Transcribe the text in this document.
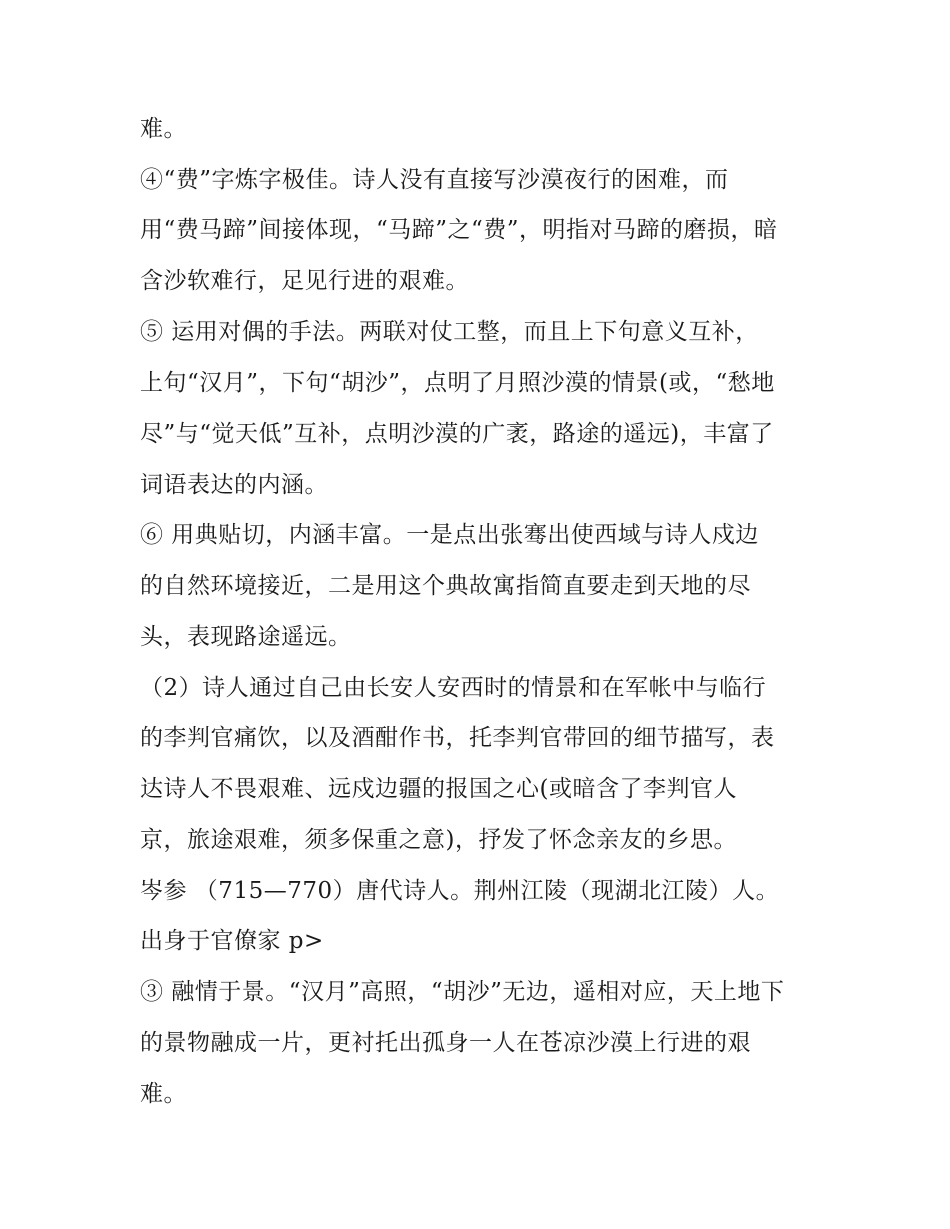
难。
④“费”字炼字极佳。诗人没有直接写沙漠夜行的困难，而
用“费马蹄”间接体现，“马蹄”之“费”，明指对马蹄的磨损，暗
含沙软难行，足见行进的艰难。
⑤ 运用对偶的手法。两联对仗工整，而且上下句意义互补，
上句“汉月”，下句“胡沙”，点明了月照沙漠的情景(或，“愁地
尽”与“觉天低”互补，点明沙漠的广袤，路途的遥远)，丰富了
词语表达的内涵。
⑥ 用典贴切，内涵丰富。一是点出张骞出使西域与诗人戍边
的自然环境接近，二是用这个典故寓指简直要走到天地的尽
头，表现路途遥远。
（2）诗人通过自己由长安人安西时的情景和在军帐中与临行
的李判官痛饮，以及酒酣作书，托李判官带回的细节描写，表
达诗人不畏艰难、远戍边疆的报国之心(或暗含了李判官人
京，旅途艰难，须多保重之意)，抒发了怀念亲友的乡思。
岑参 （715—770）唐代诗人。荆州江陵（现湖北江陵）人。
出身于官僚家 p>
③ 融情于景。“汉月”高照，“胡沙”无边，遥相对应，天上地下
的景物融成一片，更衬托出孤身一人在苍凉沙漠上行进的艰
难。
